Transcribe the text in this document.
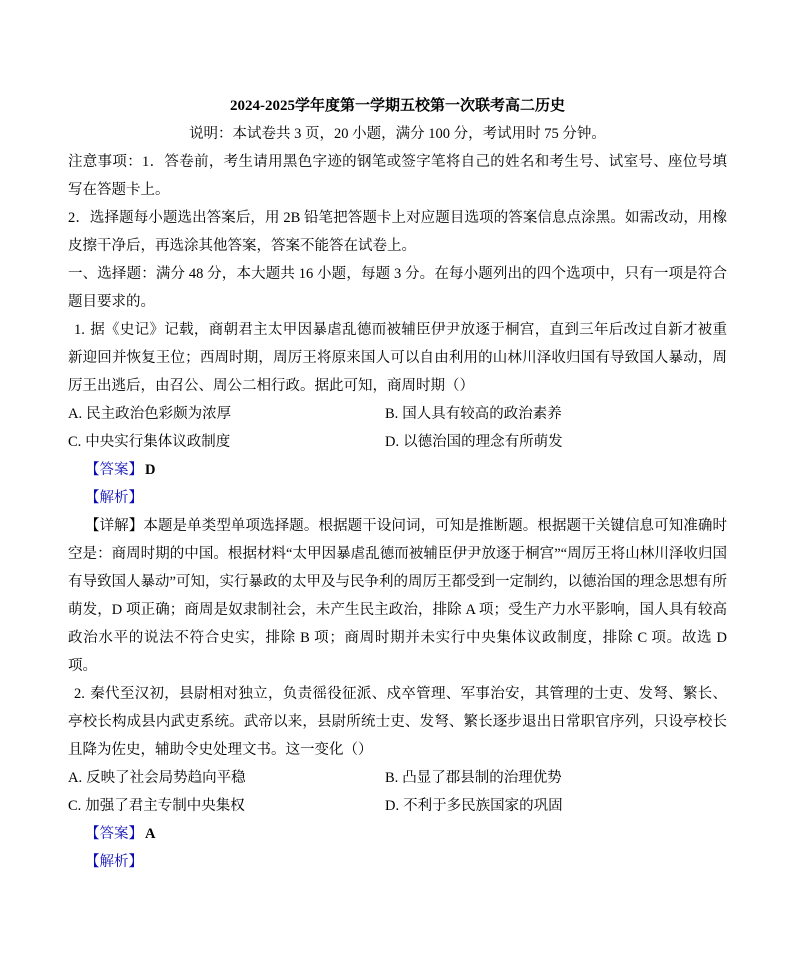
2024-2025学年度第一学期五校第一次联考高二历史

说明：本试卷共 3 页，20 小题，满分 100 分，考试用时 75 分钟。

注意事项：1．答卷前，考生请用黑色字迹的钢笔或签字笔将自己的姓名和考生号、试室号、座位号填写在答题卡上。

2．选择题每小题选出答案后，用 2B 铅笔把答题卡上对应题目选项的答案信息点涂黑。如需改动，用橡皮擦干净后，再选涂其他答案，答案不能答在试卷上。

一、选择题：满分 48 分，本大题共 16 小题，每题 3 分。在每小题列出的四个选项中，只有一项是符合题目要求的。

1. 据《史记》记载，商朝君主太甲因暴虐乱德而被辅臣伊尹放逐于桐宫，直到三年后改过自新才被重新迎回并恢复王位；西周时期，周厉王将原来国人可以自由利用的山林川泽收归国有导致国人暴动，周厉王出逃后，由召公、周公二相行政。据此可知，商周时期（）

A. 民主政治色彩颇为浓厚	B. 国人具有较高的政治素养
C. 中央实行集体议政制度	D. 以德治国的理念有所萌发

【答案】 D

【解析】

【详解】本题是单类型单项选择题。根据题干设问词，可知是推断题。根据题干关键信息可知准确时空是：商周时期的中国。根据材料“太甲因暴虐乱德而被辅臣伊尹放逐于桐宫”“周厉王将山林川泽收归国有导致国人暴动”可知，实行暴政的太甲及与民争利的周厉王都受到一定制约，以德治国的理念思想有所萌发，D 项正确；商周是奴隶制社会，未产生民主政治，排除 A 项；受生产力水平影响，国人具有较高政治水平的说法不符合史实，排除 B 项；商周时期并未实行中央集体议政制度，排除 C 项。故选 D 项。

2. 秦代至汉初，县尉相对独立，负责徭役征派、戍卒管理、军事治安，其管理的士吏、发弩、繁长、亭校长构成县内武吏系统。武帝以来，县尉所统士吏、发弩、繁长逐步退出日常职官序列，只设亭校长且降为佐史，辅助令史处理文书。这一变化（）

A. 反映了社会局势趋向平稳	B. 凸显了郡县制的治理优势
C. 加强了君主专制中央集权	D. 不利于多民族国家的巩固

【答案】 A

【解析】
